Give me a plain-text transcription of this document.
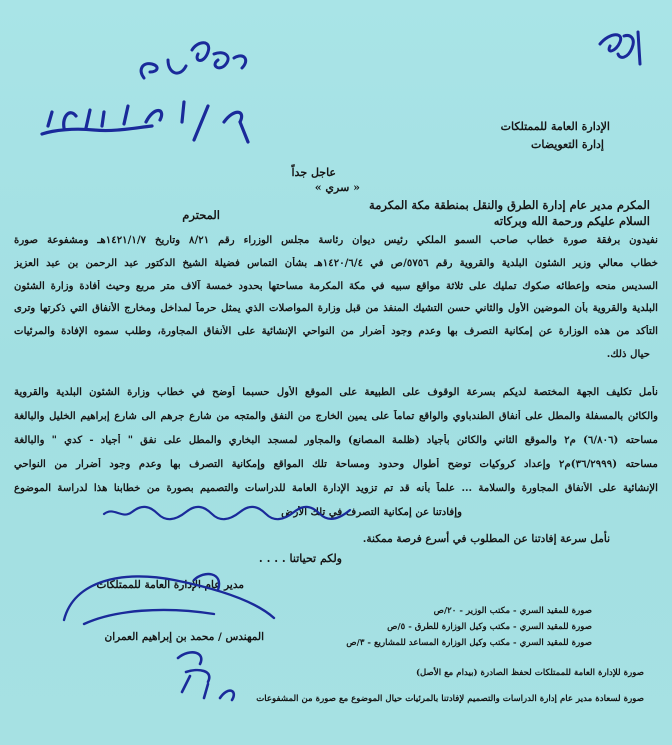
الإدارة العامة للممتلكات
إدارة التعويضات
عاجل جداً
« سري »
المكرم مدير عام إدارة الطرق والنقل بمنطقة مكة المكرمة
المحترم	السلام عليكم ورحمة الله وبركاته
نفيدون برفقة صورة خطاب صاحب السمو الملكي رئيس ديوان رئاسة مجلس الوزراء رقم ٨/٢١ وتاريخ ١٤٢١/١/٧هـ ومشفوعة صورة
خطاب معالي وزير الشئون البلدية والقروية رقم ٥٧٥٦/ص في ١٤٢٠/٦/٤هـ بشأن التماس فضيلة الشيخ الدكتور عبد الرحمن بن عبد العزيز
السديس منحه وإعطائه صكوك تمليك على ثلاثة مواقع سبيه في مكة المكرمة مساحتها بحدود خمسة آلاف متر مربع وحيث أفادة وزارة الشئون
البلدية والقروية بأن الموضين الأول والثاني حسن التشيك المنفذ من قبل وزارة المواصلات الذي يمثل حرماً لمداخل ومخارج الأنفاق التي ذكرتها وترى
التأكد من هذه الوزارة عن إمكانية التصرف بها وعدم وجود أضرار من النواحي الإنشائية على الأنفاق المجاورة، وطلب سموه الإفادة والمرئيات
حيال ذلك.
نأمل تكليف الجهة المختصة لديكم بسرعة الوقوف على الطبيعة على الموقع الأول حسبما أوضح في خطاب وزارة الشئون البلدية والقروية
والكائن بالمسفلة والمطل على أنفاق الطندباوي والواقع تماماً على يمين الخارج من النفق والمتجه من شارع جرهم الى شارع إبراهيم الخليل والبالغة
مساحته (٦/٨٠٦) م٢ والموقع الثاني والكائن بأجياد (ظلمة المصانع) والمجاور لمسجد البخاري والمطل على نفق " أجياد - كدي " والبالغة
مساحته (٣٦/٢٩٩٩)م٢ وإعداد كروكيات توضح أطوال وحدود ومساحة تلك المواقع وإمكانية التصرف بها وعدم وجود أضرار من النواحي
الإنشائية على الأنفاق المجاورة والسلامة ... علماً بأنه قد تم تزويد الإدارة العامة للدراسات والتصميم بصورة من خطابنا هذا لدراسة الموضوع
وإفادتنا عن إمكانية التصرف في تلك الأرض
نأمل سرعة إفادتنا عن المطلوب في أسرع فرصة ممكنة.
ولكم تحياتنا . . . .
مدير عام الإدارة العامة للممتلكات
المهندس / محمد بن إبراهيم العمران
صورة للمقيد السري - مكتب الوزير - ٢٠/ص
صورة للمقيد السري - مكتب وكيل الوزارة للطرق - ٥/ص
صورة للمقيد السري - مكتب وكيل الوزارة المساعد للمشاريع - ٣/ص
صورة للإدارة العامة للممتلكات لحفظ الصادرة (بيدام مع الأصل)
صورة لسعادة مدير عام إدارة الدراسات والتصميم لإفادتنا بالمرئيات حيال الموضوع مع صورة من المشفوعات
